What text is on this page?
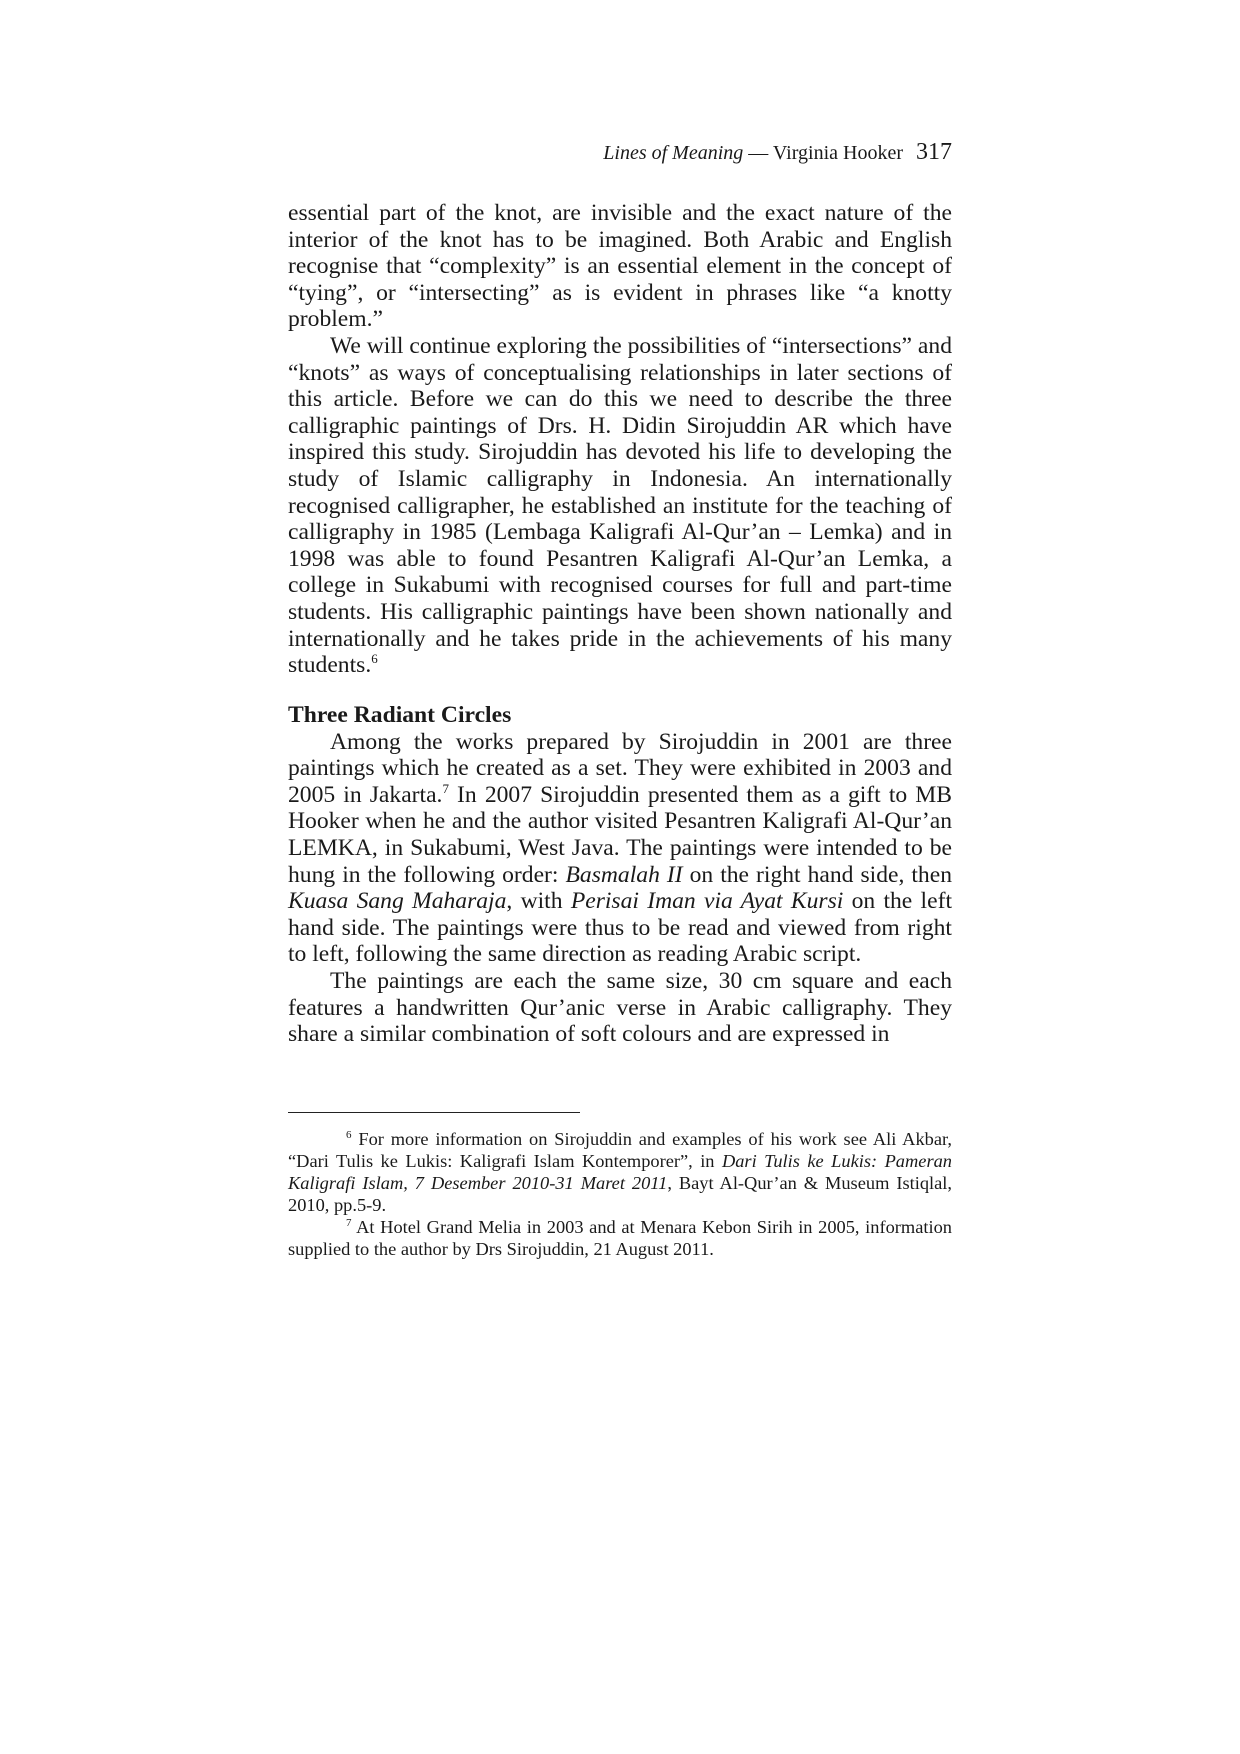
Lines of Meaning — Virginia Hooker 317

essential part of the knot, are invisible and the exact nature of the interior of the knot has to be imagined. Both Arabic and English recognise that “complexity” is an essential element in the concept of “tying”, or “intersecting” as is evident in phrases like “a knotty problem.”

We will continue exploring the possibilities of “intersections” and “knots” as ways of conceptualising relationships in later sections of this article. Before we can do this we need to describe the three calligraphic paintings of Drs. H. Didin Sirojuddin AR which have inspired this study. Sirojuddin has devoted his life to developing the study of Islamic calligraphy in Indonesia. An internationally recognised calligrapher, he established an institute for the teaching of calligraphy in 1985 (Lembaga Kaligrafi Al-Qur’an – Lemka) and in 1998 was able to found Pesantren Kaligrafi Al-Qur’an Lemka, a college in Sukabumi with recognised courses for full and part-time students. His calligraphic paintings have been shown nationally and internationally and he takes pride in the achievements of his many students.$^6$

Three Radiant Circles

Among the works prepared by Sirojuddin in 2001 are three paintings which he created as a set. They were exhibited in 2003 and 2005 in Jakarta.$^7$ In 2007 Sirojuddin presented them as a gift to MB Hooker when he and the author visited Pesantren Kaligrafi Al-Qur’an LEMKA, in Sukabumi, West Java. The paintings were intended to be hung in the following order: Basmalah II on the right hand side, then Kuasa Sang Maharaja, with Perisai Iman via Ayat Kursi on the left hand side. The paintings were thus to be read and viewed from right to left, following the same direction as reading Arabic script.

The paintings are each the same size, 30 cm square and each features a handwritten Qur’anic verse in Arabic calligraphy. They share a similar combination of soft colours and are expressed in

$^6$ For more information on Sirojuddin and examples of his work see Ali Akbar, “Dari Tulis ke Lukis: Kaligrafi Islam Kontemporer”, in Dari Tulis ke Lukis: Pameran Kaligrafi Islam, 7 Desember 2010-31 Maret 2011, Bayt Al-Qur’an & Museum Istiqlal, 2010, pp.5-9.

$^7$ At Hotel Grand Melia in 2003 and at Menara Kebon Sirih in 2005, information supplied to the author by Drs Sirojuddin, 21 August 2011.
